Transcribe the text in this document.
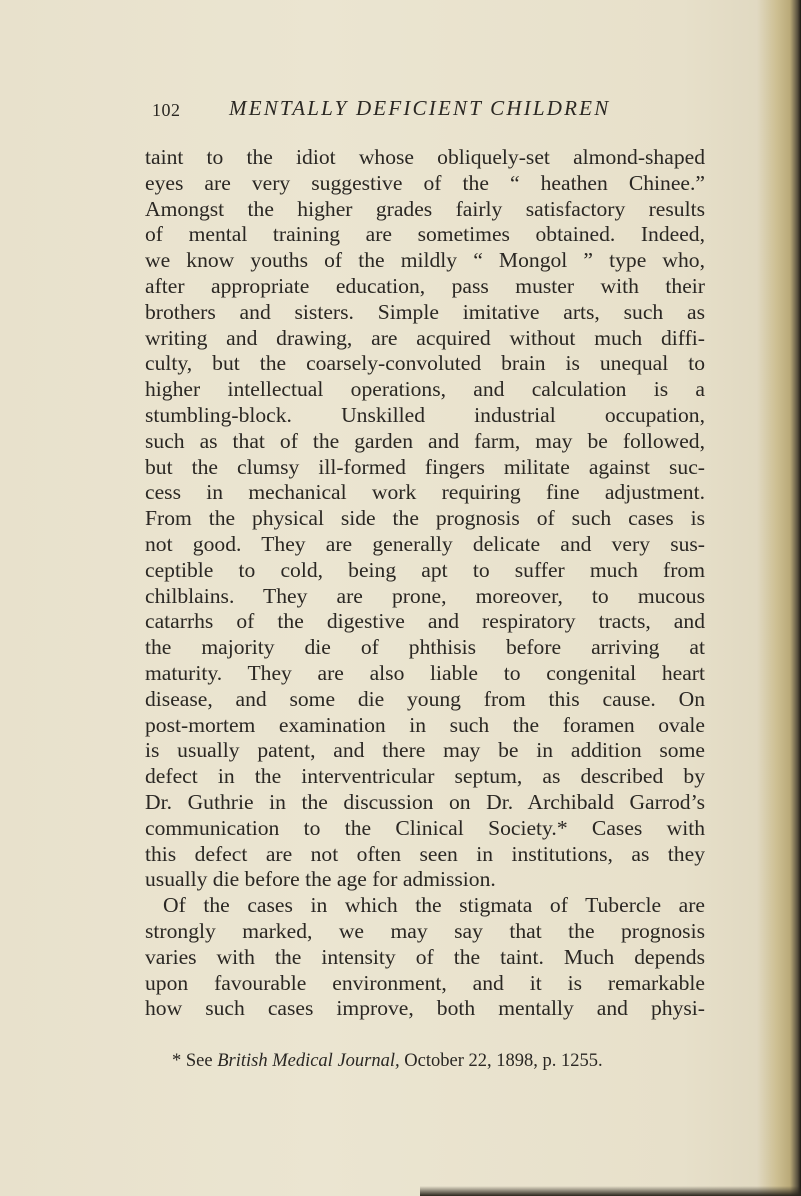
102 MENTALLY DEFICIENT CHILDREN
taint to the idiot whose obliquely-set almond-shaped
eyes are very suggestive of the “ heathen Chinee.”
Amongst the higher grades fairly satisfactory results
of mental training are sometimes obtained. Indeed,
we know youths of the mildly “ Mongol ” type who,
after appropriate education, pass muster with their
brothers and sisters. Simple imitative arts, such as
writing and drawing, are acquired without much diffi-
culty, but the coarsely-convoluted brain is unequal to
higher intellectual operations, and calculation is a
stumbling-block. Unskilled industrial occupation,
such as that of the garden and farm, may be followed,
but the clumsy ill-formed fingers militate against suc-
cess in mechanical work requiring fine adjustment.
From the physical side the prognosis of such cases is
not good. They are generally delicate and very sus-
ceptible to cold, being apt to suffer much from
chilblains. They are prone, moreover, to mucous
catarrhs of the digestive and respiratory tracts, and
the majority die of phthisis before arriving at
maturity. They are also liable to congenital heart
disease, and some die young from this cause. On
post-mortem examination in such the foramen ovale
is usually patent, and there may be in addition some
defect in the interventricular septum, as described by
Dr. Guthrie in the discussion on Dr. Archibald Garrod’s
communication to the Clinical Society.* Cases with
this defect are not often seen in institutions, as they
usually die before the age for admission.
Of the cases in which the stigmata of Tubercle are
strongly marked, we may say that the prognosis
varies with the intensity of the taint. Much depends
upon favourable environment, and it is remarkable
how such cases improve, both mentally and physi-
* See British Medical Journal, October 22, 1898, p. 1255.
